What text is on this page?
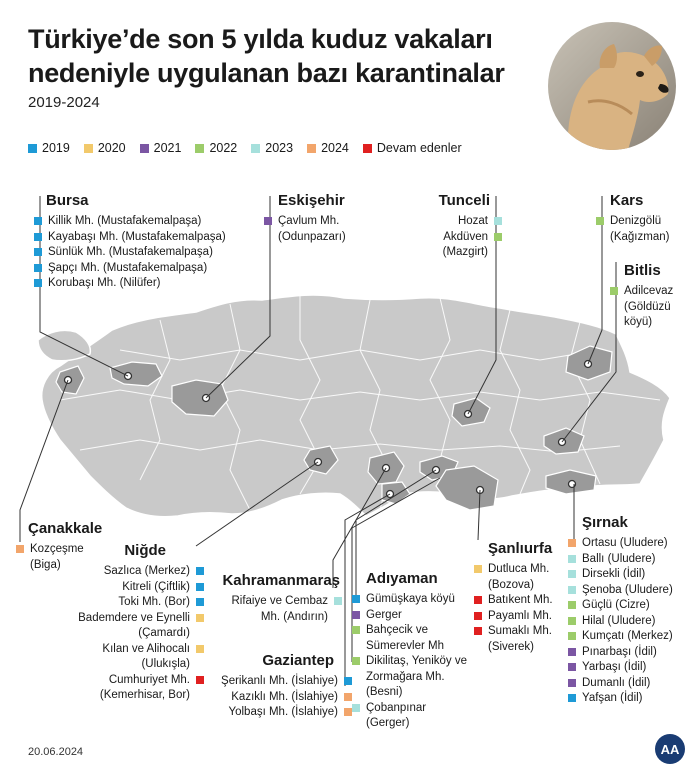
Türkiye’de son 5 yılda kuduz vakaları
nedeniyle uygulanan bazı karantinalar
2019-2024
2019 2020 2021 2022 2023 2024 Devam edenler
Bursa
Killik Mh. (Mustafakemalpaşa)
Kayabaşı Mh. (Mustafakemalpaşa)
Sünlük Mh. (Mustafakemalpaşa)
Şapçı Mh. (Mustafakemalpaşa)
Korubaşı Mh. (Nilüfer)
Eskişehir
Çavlum Mh. (Odunpazarı)
Tunceli
Hozat
Akdüven (Mazgirt)
Kars
Denizgölü (Kağızman)
Bitlis
Adilcevaz (Göldüzü köyü)
Çanakkale
Kozçeşme (Biga)
Niğde
Sazlıca (Merkez)
Kitreli (Çiftlik)
Toki Mh. (Bor)
Bademdere ve Eynelli (Çamardı)
Kılan ve Alihocalı (Ulukışla)
Cumhuriyet Mh. (Kemerhisar, Bor)
Kahramanmaraş
Rifaiye ve Cembaz Mh. (Andırın)
Gaziantep
Şerikanlı Mh. (İslahiye)
Kazıklı Mh. (İslahiye)
Yolbaşı Mh. (İslahiye)
Adıyaman
Gümüşkaya köyü
Gerger
Bahçecik ve Sümerevler Mh
Dikilitaş, Yeniköy ve Zormağara Mh. (Besni)
Çobanpınar (Gerger)
Şanlıurfa
Dutluca Mh. (Bozova)
Batıkent Mh.
Payamlı Mh.
Sumaklı Mh. (Siverek)
Şırnak
Ortasu (Uludere)
Ballı (Uludere)
Dirsekli (İdil)
Şenoba (Uludere)
Güçlü (Cizre)
Hilal (Uludere)
Kumçatı (Merkez)
Pınarbaşı (İdil)
Yarbaşı (İdil)
Dumanlı (İdil)
Yafşan (İdil)
20.06.2024	AA
